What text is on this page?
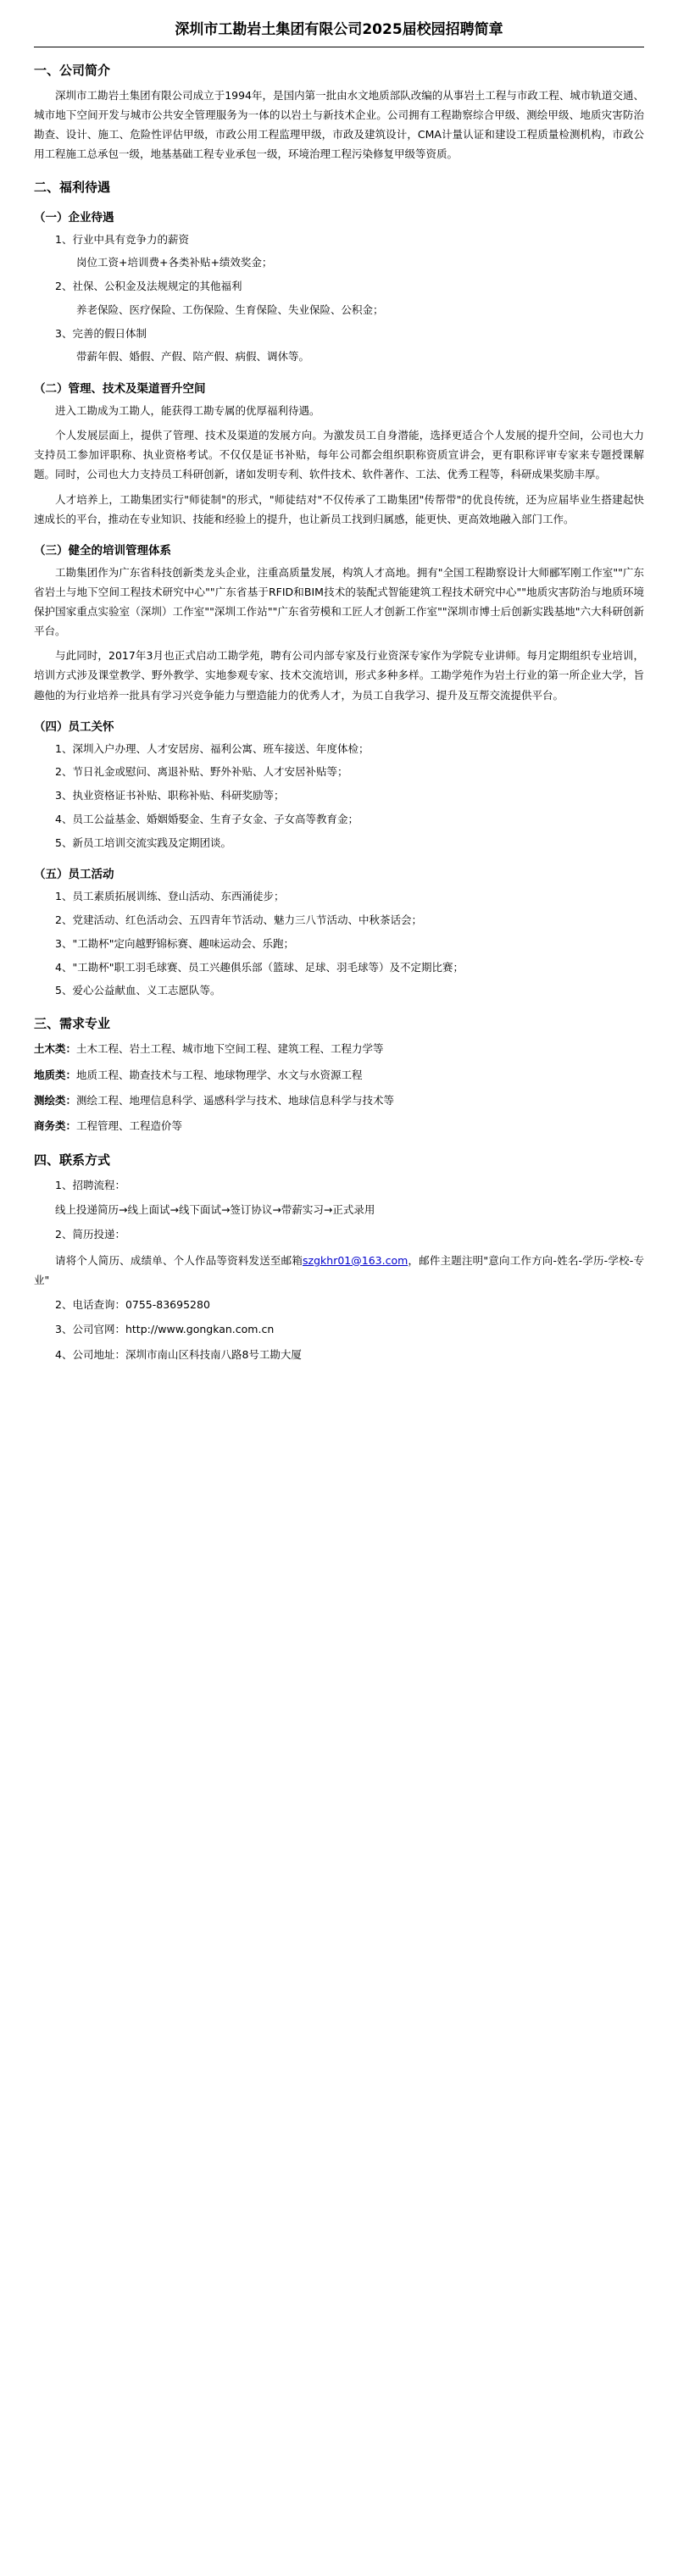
深圳市工勘岩土集团有限公司2025届校园招聘简章
一、公司简介

深圳市工勘岩土集团有限公司成立于1994年，是国内第一批由水文地质部队改编的从事岩土工程与市政工程、城市轨道交通、城市地下空间开发与城市公共安全管理服务为一体的以岩土与新技术企业。公司拥有工程勘察综合甲级、测绘甲级、地质灾害防治勘查、设计、施工、危险性评估甲级，市政公用工程监理甲级，市政及建筑设计，CMA计量认证和建设工程质量检测机构，市政公用工程施工总承包一级，地基基础工程专业承包一级，环境治理工程污染修复甲级等资质。

二、福利待遇
（一）企业待遇
1、行业中具有竞争力的薪资
岗位工资+培训费+各类补贴+绩效奖金；
2、社保、公积金及法规规定的其他福利
养老保险、医疗保险、工伤保险、生育保险、失业保险、公积金；
3、完善的假日体制
带薪年假、婚假、产假、陪产假、病假、调休等。
（二）管理、技术及渠道晋升空间

进入工勘成为工勘人，能获得工勘专属的优厚福利待遇。

个人发展层面上，提供了管理、技术及渠道的发展方向。为激发员工自身潜能，选择更适合个人发展的提升空间，公司也大力支持员工参加评职称、执业资格考试。不仅仅是证书补贴，每年公司都会组织职称资质宣讲会，更有职称评审专家来专题授课解题。同时，公司也大力支持员工科研创新，诸如发明专利、软件技术、软件著作、工法、优秀工程等，科研成果奖励丰厚。

人才培养上，工勘集团实行"师徒制"的形式，"师徒结对"不仅传承了工勘集团"传帮带"的优良传统，还为应届毕业生搭建起快速成长的平台，推动在专业知识、技能和经验上的提升，也让新员工找到归属感，能更快、更高效地融入部门工作。

（三）健全的培训管理体系

工勘集团作为广东省科技创新类龙头企业，注重高质量发展，构筑人才高地。拥有"全国工程勘察设计大师郦军刚工作室""广东省岩土与地下空间工程技术研究中心""广东省基于RFID和BIM技术的装配式智能建筑工程技术研究中心""地质灾害防治与地质环境保护国家重点实验室（深圳）工作室""深圳工作站""广东省劳模和工匠人才创新工作室""深圳市博士后创新实践基地"六大科研创新平台。

与此同时，2017年3月也正式启动工勘学苑，聘有公司内部专家及行业资深专家作为学院专业讲师。每月定期组织专业培训，培训方式涉及课堂教学、野外教学、实地参观专家、技术交流培训，形式多种多样。工勘学苑作为岩土行业的第一所企业大学，旨趣他的为行业培养一批具有学习兴竞争能力与塑造能力的优秀人才，为员工自我学习、提升及互帮交流提供平台。

（四）员工关怀
1、深圳入户办理、人才安居房、福利公寓、班车接送、年度体检；
2、节日礼金或慰问、离退补贴、野外补贴、人才安居补贴等；
3、执业资格证书补贴、职称补贴、科研奖励等；
4、员工公益基金、婚姻婚娶金、生育子女金、子女高等教育金；
5、新员工培训交流实践及定期团谈。
（五）员工活动
1、员工素质拓展训练、登山活动、东西涌徒步；
2、党建活动、红色活动会、五四青年节活动、魅力三八节活动、中秋茶话会；
3、"工勘杯"定向越野锦标赛、趣味运动会、乐跑；
4、"工勘杯"职工羽毛球赛、员工兴趣俱乐部（篮球、足球、羽毛球等）及不定期比赛；
5、爱心公益献血、义工志愿队等。
三、需求专业
土木类：土木工程、岩土工程、城市地下空间工程、建筑工程、工程力学等
地质类：地质工程、勘查技术与工程、地球物理学、水文与水资源工程
测绘类：测绘工程、地理信息科学、遥感科学与技术、地球信息科学与技术等
商务类：工程管理、工程造价等
四、联系方式
1、招聘流程：
线上投递简历→线上面试→线下面试→签订协议→带薪实习→正式录用
2、简历投递：

请将个人简历、成绩单、个人作品等资料发送至邮箱szgkhr01@163.com，邮件主题注明"意向工作方向-姓名-学历-学校-专业"

2、电话查询：0755-83695280
3、公司官网：http://www.gongkan.com.cn
4、公司地址：深圳市南山区科技南八路8号工勘大厦
